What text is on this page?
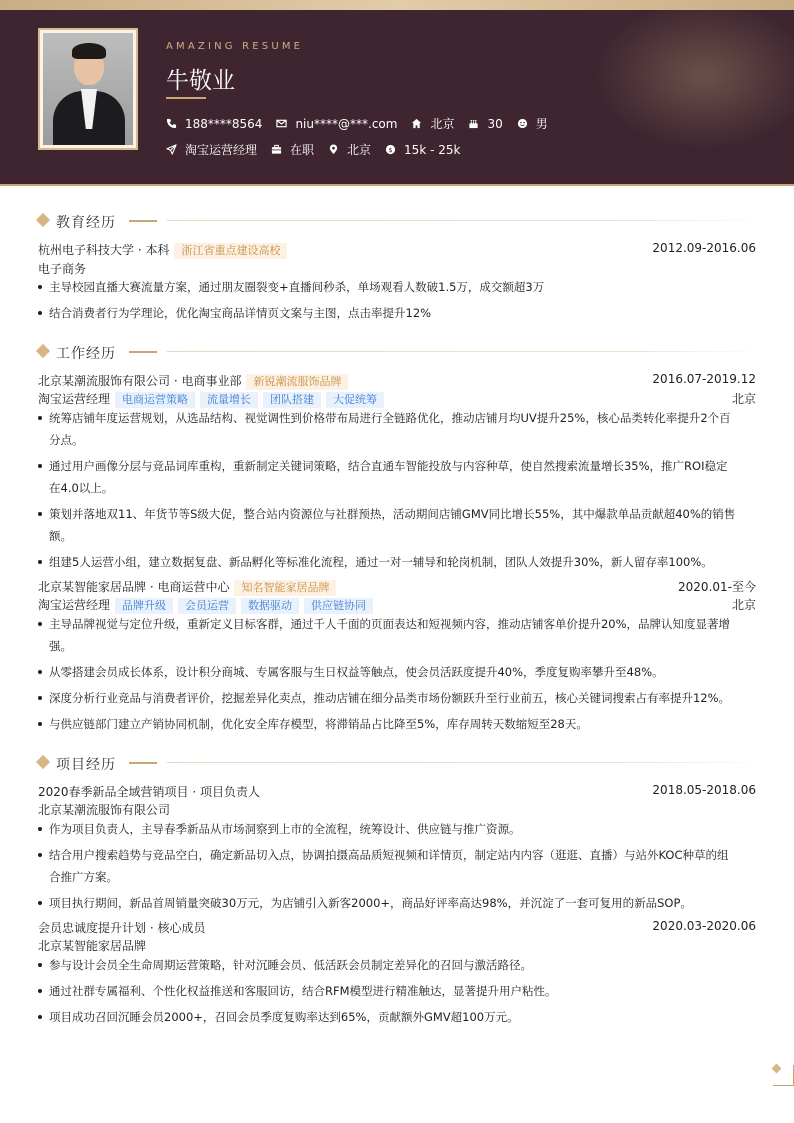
AMAZING RESUME
牛敬业
188****8564	niu****@***.com	北京	30	男
淘宝运营经理	在职	北京 $ 15k - 25k
教育经历
杭州电子科技大学 · 本科 浙江省重点建设高校	2012.09-2016.06
电子商务
主导校园直播大赛流量方案，通过朋友圈裂变+直播间秒杀，单场观看人数破1.5万，成交额超3万
结合消费者行为学理论，优化淘宝商品详情页文案与主图，点击率提升12%
工作经历
北京某潮流服饰有限公司 · 电商事业部 新锐潮流服饰品牌	2016.07-2019.12
淘宝运营经理 电商运营策略 流量增长 团队搭建 大促统筹	北京
统筹店铺年度运营规划，从选品结构、视觉调性到价格带布局进行全链路优化，推动店铺月均UV提升25%，核心品类转化率提升2个百
分点。
通过用户画像分层与竞品词库重构，重新制定关键词策略，结合直通车智能投放与内容种草，使自然搜索流量增长35%，推广ROI稳定
在4.0以上。
策划并落地双11、年货节等S级大促，整合站内资源位与社群预热，活动期间店铺GMV同比增长55%，其中爆款单品贡献超40%的销售
额。
组建5人运营小组，建立数据复盘、新品孵化等标准化流程，通过一对一辅导和轮岗机制，团队人效提升30%，新人留存率100%。
北京某智能家居品牌 · 电商运营中心 知名智能家居品牌	2020.01-至今
淘宝运营经理 品牌升级 会员运营 数据驱动 供应链协同	北京
主导品牌视觉与定位升级，重新定义目标客群，通过千人千面的页面表达和短视频内容，推动店铺客单价提升20%，品牌认知度显著增
强。
从零搭建会员成长体系，设计积分商城、专属客服与生日权益等触点，使会员活跃度提升40%，季度复购率攀升至48%。
深度分析行业竞品与消费者评价，挖掘差异化卖点，推动店铺在细分品类市场份额跃升至行业前五，核心关键词搜索占有率提升12%。
与供应链部门建立产销协同机制，优化安全库存模型，将滞销品占比降至5%，库存周转天数缩短至28天。
项目经历
2020春季新品全域营销项目 · 项目负责人	2018.05-2018.06
北京某潮流服饰有限公司
作为项目负责人，主导春季新品从市场洞察到上市的全流程，统筹设计、供应链与推广资源。
结合用户搜索趋势与竞品空白，确定新品切入点，协调拍摄高品质短视频和详情页，制定站内内容（逛逛、直播）与站外KOC种草的组
合推广方案。
项目执行期间，新品首周销量突破30万元，为店铺引入新客2000+，商品好评率高达98%，并沉淀了一套可复用的新品SOP。
会员忠诚度提升计划 · 核心成员	2020.03-2020.06
北京某智能家居品牌
参与设计会员全生命周期运营策略，针对沉睡会员、低活跃会员制定差异化的召回与激活路径。
通过社群专属福利、个性化权益推送和客服回访，结合RFM模型进行精准触达，显著提升用户粘性。
项目成功召回沉睡会员2000+，召回会员季度复购率达到65%，贡献额外GMV超100万元。
